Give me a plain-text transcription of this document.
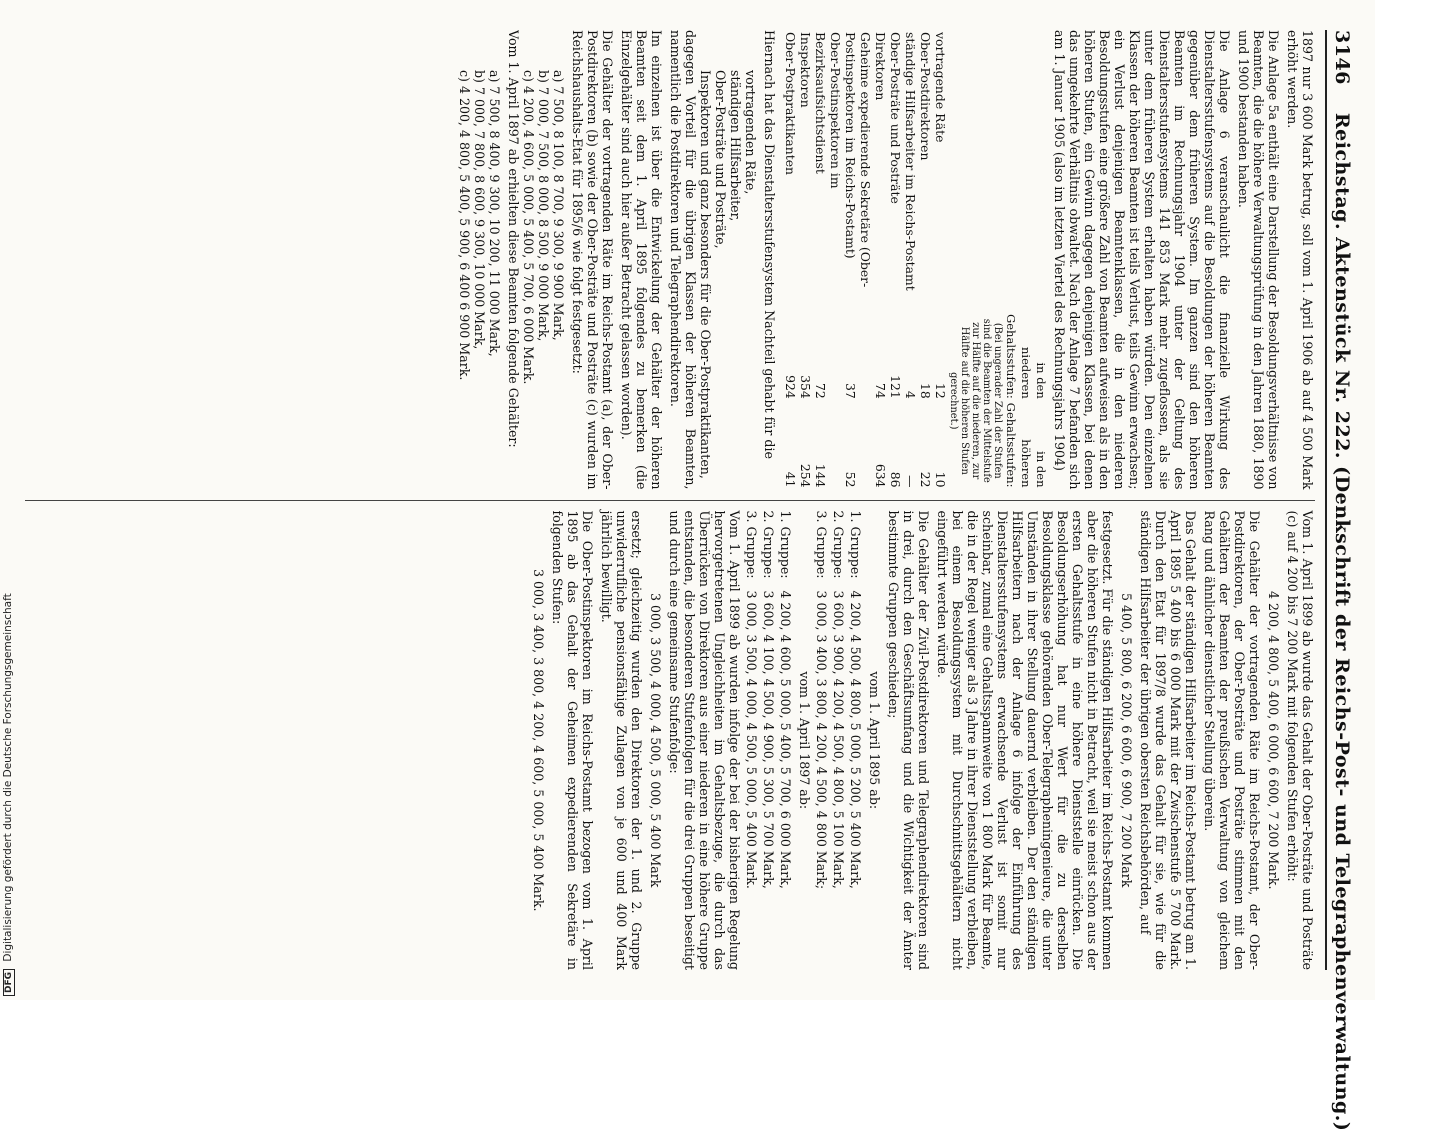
3146
Reichstag. Aktenstück Nr. 222. (Denkschrift der Reichs-Post- und Telegraphenverwaltung.)

1897 nur 3 600 Mark betrug, soll vom 1. April 1906 ab auf 4 500 Mark erhöht werden.

Die Anlage 5a enthält eine Darstellung der Besoldungsverhältnisse von Beamten, die die höhere Verwaltungsprüfung in den Jahren 1880, 1890 und 1900 bestanden haben.

Die Anlage 6 veranschaulicht die finanzielle Wirkung des Dienstaltersstufensystems auf die Besoldungen der höheren Beamten gegenüber dem früheren System. Im ganzen sind den höheren Beamten im Rechnungsjahr 1904 unter der Geltung des Dienstaltersstufensystems 141 853 Mark mehr zugeflossen, als sie unter dem früheren System erhalten haben würden. Den einzelnen Klassen der höheren Beamten ist teils Verlust, teils Gewinn erwachsen; ein Verlust denjenigen Beamtenklassen, die in den niederen Besoldungsstufen eine größere Zahl von Beamten aufweisen als in den höheren Stufen, ein Gewinn dagegen denjenigen Klassen, bei denen das umgekehrte Verhältnis obwaltet. Nach der Anlage 7 befanden sich am 1. Januar 1905 (also im letzten Viertel des Rechnungsjahrs 1904)

	in den niederen Gehaltsstufen:	in den höheren Gehaltsstufen:
	(Bei ungerader Zahl der Stufen sind die Beamten der Mittelstufe zur Hälfte auf die niederen, zur Hälfte auf die höheren Stufen gerechnet.)	
vortragende Räte	12	10
Ober-Postdirektoren	18	22
ständige Hilfsarbeiter im Reichs-Postamt	4	—
Ober-Posträte und Posträte	121	86
Direktoren	74	634
Geheime expedierende Sekretäre (Ober-Postinspektoren im Reichs-Postamt)	37	52
Ober-Postinspektoren im Bezirksaufsichtsdienst	72	144
Inspektoren	354	254
Ober-Postpraktikanten	924	41

Hiernach hat das Dienstaltersstufensystem Nachteil gehabt für die

vortragenden Räte,
ständigen Hilfsarbeiter,
Ober-Posträte und Posträte,
Inspektoren und ganz besonders für die Ober-Postpraktikanten,

dagegen Vorteil für die übrigen Klassen der höheren Beamten, namentlich die Postdirektoren und Telegraphendirektoren.

Im einzelnen ist über die Entwickelung der Gehälter der höheren Beamten seit dem 1. April 1895 folgendes zu bemerken (die Einzelgehälter sind auch hier außer Betracht gelassen worden).

Die Gehälter der vortragenden Räte im Reichs-Postamt (a), der Ober-Postdirektoren (b) sowie der Ober-Posträte und Posträte (c) wurden im Reichshaushalts-Etat für 1895/6 wie folgt festgesetzt:

a) 7 500, 8 100, 8 700, 9 300, 9 900 Mark,
b) 7 000, 7 500, 8 000, 8 500, 9 000 Mark,
c) 4 200, 4 600, 5 000, 5 400, 5 700, 6 000 Mark.

Vom 1. April 1897 ab erhielten diese Beamten folgende Gehälter:

a) 7 500, 8 400, 9 300, 10 200, 11 000 Mark,
b) 7 000, 7 800, 8 600, 9 300, 10 000 Mark,
c) 4 200, 4 800, 5 400, 5 900, 6 400 6 900 Mark.

Vom 1. April 1899 ab wurde das Gehalt der Ober-Posträte und Posträte (c) auf 4 200 bis 7 200 Mark mit folgenden Stufen erhöht:

4 200, 4 800, 5 400, 6 000, 6 600, 7 200 Mark.

Die Gehälter der vortragenden Räte im Reichs-Postamt, der Ober-Postdirektoren, der Ober-Posträte und Posträte stimmen mit den Gehältern der Beamten der preußischen Verwaltung von gleichem Rang und ähnlicher dienstlicher Stellung überein.

Das Gehalt der ständigen Hilfsarbeiter im Reichs-Postamt betrug am 1. April 1895 5 400 bis 6 000 Mark mit der Zwischenstufe 5 700 Mark. Durch den Etat für 1897/8 wurde das Gehalt für sie, wie für die ständigen Hilfsarbeiter der übrigen obersten Reichsbehörden, auf

5 400, 5 800, 6 200, 6 600, 6 900, 7 200 Mark

festgesetzt. Für die ständigen Hilfsarbeiter im Reichs-Postamt kommen aber die höheren Stufen nicht in Betracht, weil sie meist schon aus der ersten Gehaltsstufe in eine höhere Dienststelle einrücken. Die Besoldungserhöhung hat nur Wert für die zu derselben Besoldungsklasse gehörenden Ober-Telegrapheningenieure, die unter Umständen in ihrer Stellung dauernd verbleiben. Der den ständigen Hilfsarbeitern nach der Anlage 6 infolge der Einführung des Dienstaltersstufensystems erwachsende Verlust ist somit nur scheinbar, zumal eine Gehaltsspannweite von 1 800 Mark für Beamte, die in der Regel weniger als 3 Jahre in ihrer Dienststellung verbleiben, bei einem Besoldungssystem mit Durchschnittsgehältern nicht eingeführt werden würde.

Die Gehälter der Zivil-Postdirektoren und Telegraphendirektoren sind in drei, durch den Geschäftsumfang und die Wichtigkeit der Ämter bestimmte Gruppen geschieden;

vom 1. April 1895 ab:

1. Gruppe:
4 200, 4 500, 4 800, 5 000, 5 200, 5 400 Mark,
2. Gruppe:
3 600, 3 900, 4 200, 4 500, 4 800, 5 100 Mark,
3. Gruppe:
3 000, 3 400, 3 800, 4 200, 4 500, 4 800 Mark;

vom 1. April 1897 ab:

1. Gruppe:
4 200, 4 600, 5 000, 5 400, 5 700, 6 000 Mark,
2. Gruppe:
3 600, 4 100, 4 500, 4 900, 5 300, 5 700 Mark,
3. Gruppe:
3 000, 3 500, 4 000, 4 500, 5 000, 5 400 Mark.

Vom 1. April 1899 ab wurden infolge der bei der bisherigen Regelung hervorgetretenen Ungleichheiten im Gehaltsbezuge, die durch das Überrücken von Direktoren aus einer niederen in eine höhere Gruppe entstanden, die besonderen Stufenfolgen für die drei Gruppen beseitigt und durch eine gemeinsame Stufenfolge:

3 000, 3 500, 4 000, 4 500, 5 000, 5 400 Mark

ersetzt; gleichzeitig wurden den Direktoren der 1. und 2. Gruppe unwiderrufliche pensionsfähige Zulagen von je 600 und 400 Mark jährlich bewilligt.

Die Ober-Postinspektoren im Reichs-Postamt bezogen vom 1. April 1895 ab das Gehalt der Geheimen expedierenden Sekretäre in folgenden Stufen:

3 000, 3 400, 3 800, 4 200, 4 600, 5 000, 5 400 Mark.

DFG Digitalisierung gefördert durch die Deutsche Forschungsgemeinschaft
